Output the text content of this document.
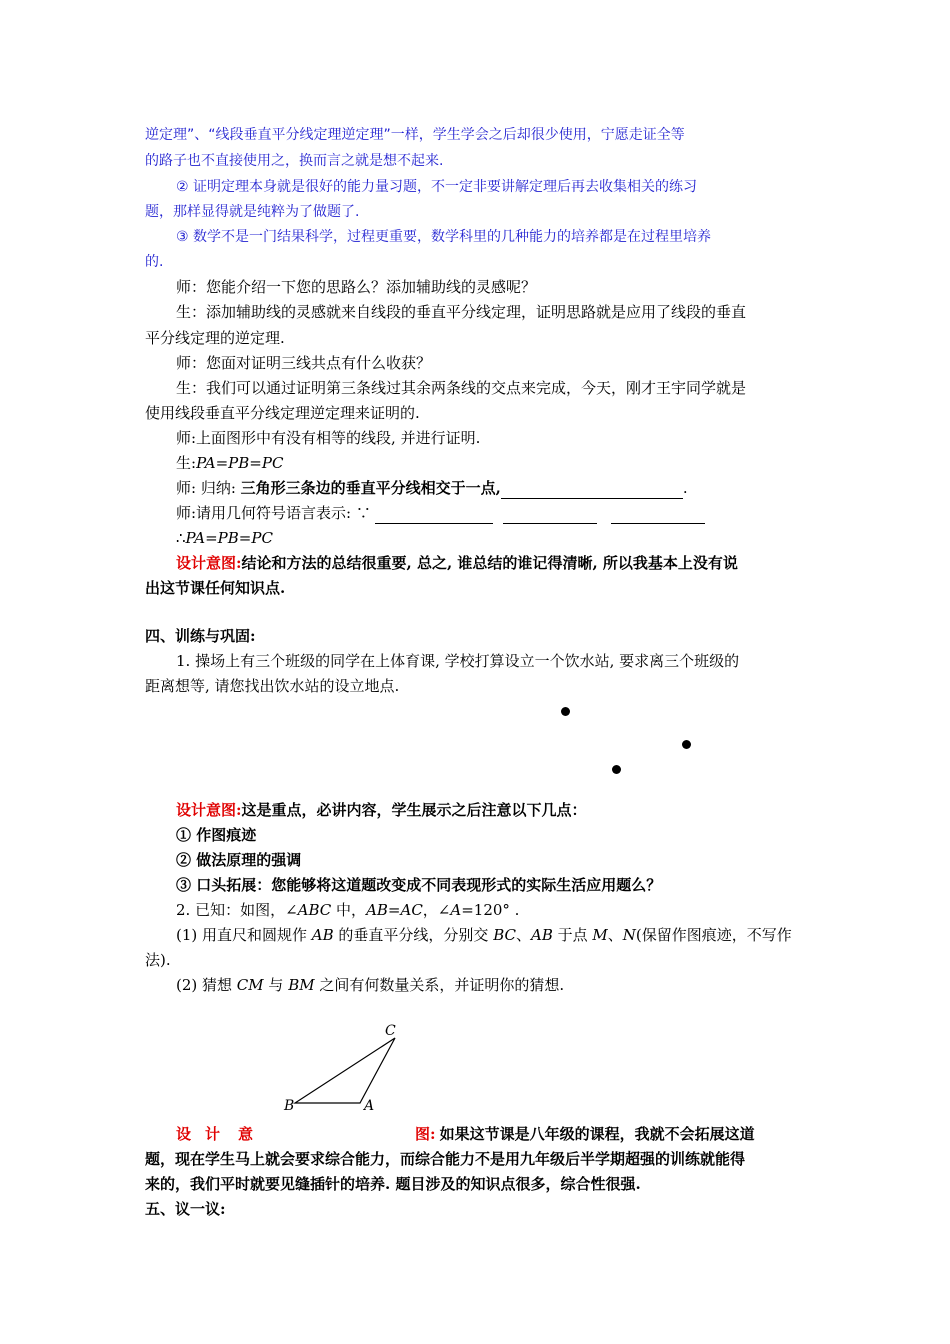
逆定理”、“线段垂直平分线定理逆定理”一样，学生学会之后却很少使用，宁愿走证全等
的路子也不直接使用之，换而言之就是想不起来.
② 证明定理本身就是很好的能力量习题，不一定非要讲解定理后再去收集相关的练习
题，那样显得就是纯粹为了做题了.
③ 数学不是一门结果科学，过程更重要，数学科里的几种能力的培养都是在过程里培养
的.
师：您能介绍一下您的思路么？添加辅助线的灵感呢？
生：添加辅助线的灵感就来自线段的垂直平分线定理，证明思路就是应用了线段的垂直
平分线定理的逆定理.
师：您面对证明三线共点有什么收获？
生：我们可以通过证明第三条线过其余两条线的交点来完成，今天，刚才王宇同学就是
使用线段垂直平分线定理逆定理来证明的.
师:上面图形中有没有相等的线段, 并进行证明.
生:PA=PB=PC
师: 归纳: 三角形三条边的垂直平分线相交于一点,	.
师:请用几何符号语言表示: ∵
∴PA=PB=PC
设计意图:结论和方法的总结很重要, 总之, 谁总结的谁记得清晰, 所以我基本上没有说
出这节课任何知识点.
四、训练与巩固:
1. 操场上有三个班级的同学在上体育课, 学校打算设立一个饮水站, 要求离三个班级的
距离想等, 请您找出饮水站的设立地点.
设计意图:这是重点，必讲内容，学生展示之后注意以下几点：
① 作图痕迹
② 做法原理的强调
③ 口头拓展：您能够将这道题改变成不同表现形式的实际生活应用题么？
2. 已知：如图，∠ABC 中，AB=AC，∠A=120° .
(1) 用直尺和圆规作 AB 的垂直平分线，分别交 BC、AB 于点 M、N(保留作图痕迹，不写作
法).
(2) 猜想 CM 与 BM 之间有何数量关系，并证明你的猜想.
C
B	A
设 计 意	图: 如果这节课是八年级的课程，我就不会拓展这道
题，现在学生马上就会要求综合能力，而综合能力不是用九年级后半学期超强的训练就能得
来的，我们平时就要见缝插针的培养. 题目涉及的知识点很多，综合性很强.
五、议一议:
